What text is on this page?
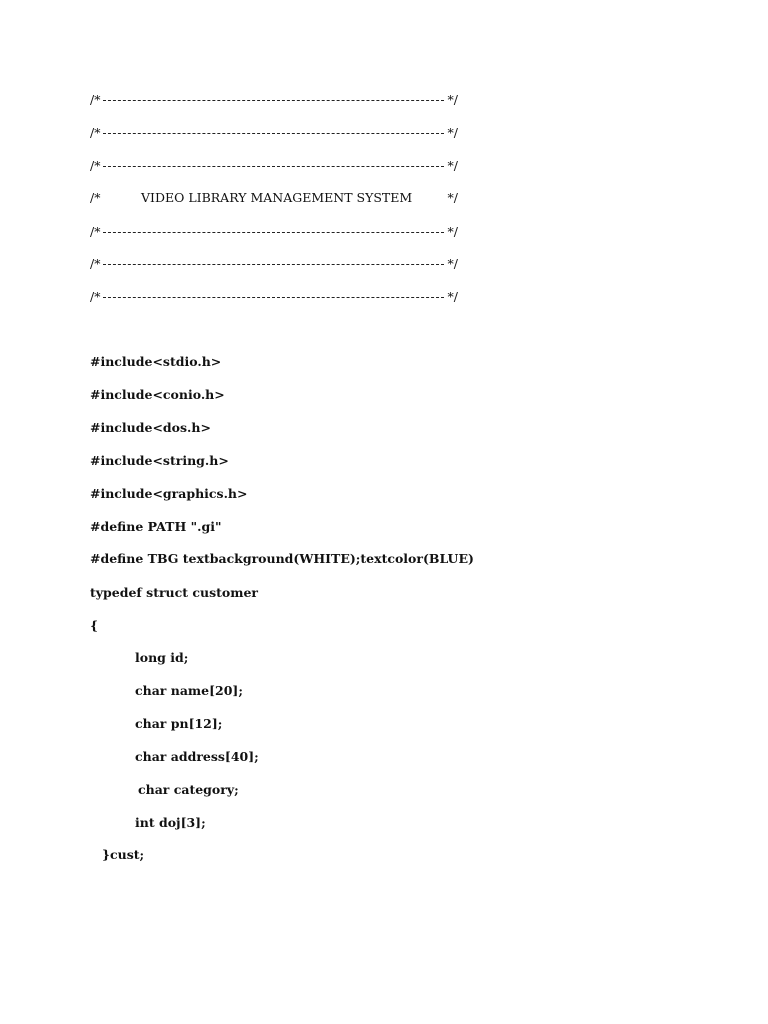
/*	*/
/*	*/
/*	*/
/*	VIDEO LIBRARY MANAGEMENT SYSTEM	*/
/*	*/
/*	*/
/*	*/
#include<stdio.h>
#include<conio.h>
#include<dos.h>
#include<string.h>
#include<graphics.h>
#define PATH ".gi"
#define TBG textbackground(WHITE);textcolor(BLUE)
typedef struct customer
{
long id;
char name[20];
char pn[12];
char address[40];
char category;
int doj[3];
}cust;
